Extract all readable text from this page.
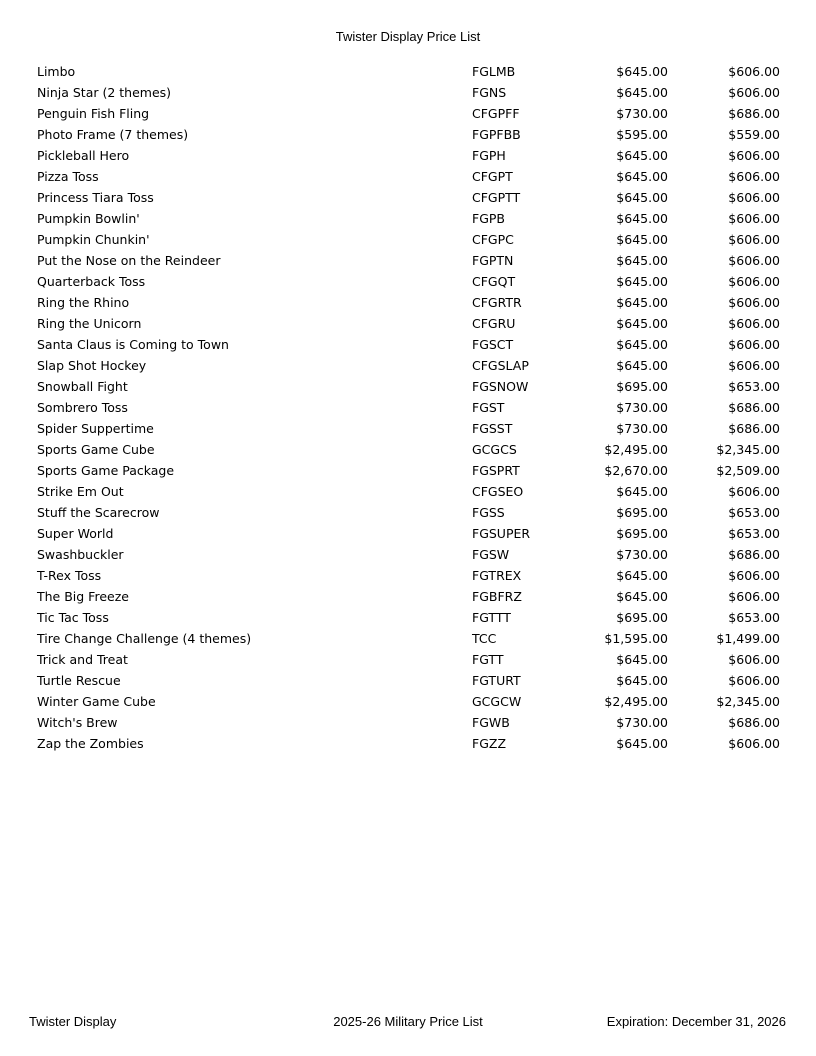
Twister Display Price List
Limbo	FGLMB	$645.00	$606.00
Ninja Star (2 themes)	FGNS	$645.00	$606.00
Penguin Fish Fling	CFGPFF	$730.00	$686.00
Photo Frame (7 themes)	FGPFBB	$595.00	$559.00
Pickleball Hero	FGPH	$645.00	$606.00
Pizza Toss	CFGPT	$645.00	$606.00
Princess Tiara Toss	CFGPTT	$645.00	$606.00
Pumpkin Bowlin'	FGPB	$645.00	$606.00
Pumpkin Chunkin'	CFGPC	$645.00	$606.00
Put the Nose on the Reindeer	FGPTN	$645.00	$606.00
Quarterback Toss	CFGQT	$645.00	$606.00
Ring the Rhino	CFGRTR	$645.00	$606.00
Ring the Unicorn	CFGRU	$645.00	$606.00
Santa Claus is Coming to Town	FGSCT	$645.00	$606.00
Slap Shot Hockey	CFGSLAP	$645.00	$606.00
Snowball Fight	FGSNOW	$695.00	$653.00
Sombrero Toss	FGST	$730.00	$686.00
Spider Suppertime	FGSST	$730.00	$686.00
Sports Game Cube	GCGCS	$2,495.00	$2,345.00
Sports Game Package	FGSPRT	$2,670.00	$2,509.00
Strike Em Out	CFGSEO	$645.00	$606.00
Stuff the Scarecrow	FGSS	$695.00	$653.00
Super World	FGSUPER	$695.00	$653.00
Swashbuckler	FGSW	$730.00	$686.00
T-Rex Toss	FGTREX	$645.00	$606.00
The Big Freeze	FGBFRZ	$645.00	$606.00
Tic Tac Toss	FGTTT	$695.00	$653.00
Tire Change Challenge (4 themes)	TCC	$1,595.00	$1,499.00
Trick and Treat	FGTT	$645.00	$606.00
Turtle Rescue	FGTURT	$645.00	$606.00
Winter Game Cube	GCGCW	$2,495.00	$2,345.00
Witch's Brew	FGWB	$730.00	$686.00
Zap the Zombies	FGZZ	$645.00	$606.00
Twister Display	2025-26 Military Price List	Expiration: December 31, 2026
